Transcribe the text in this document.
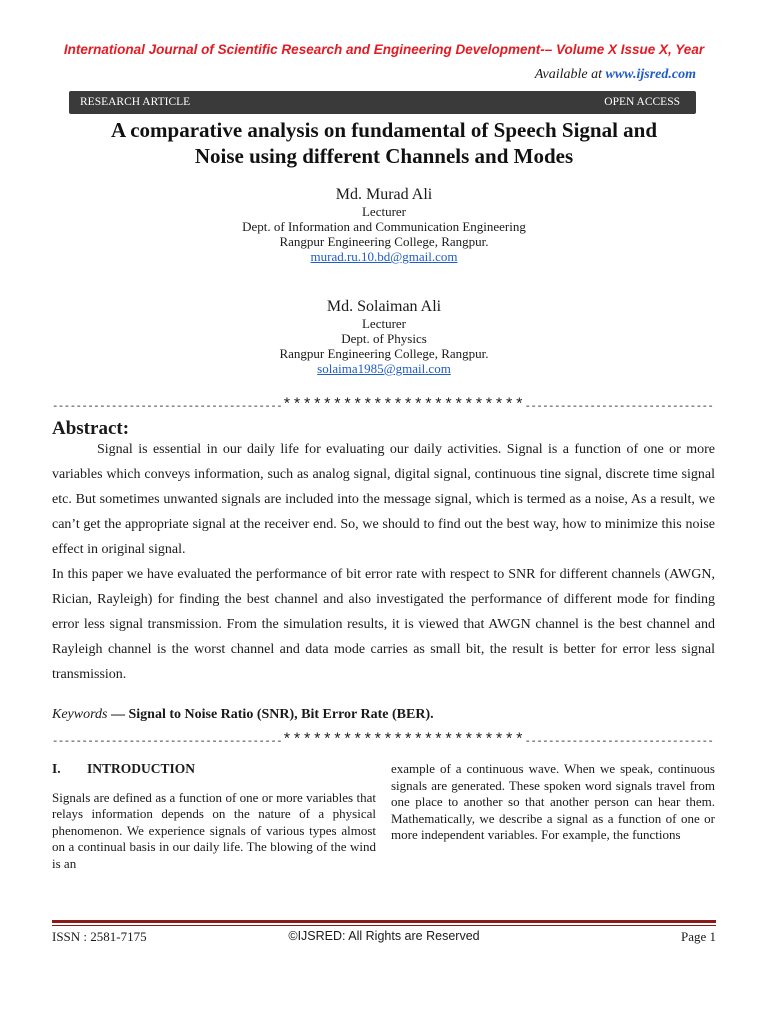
International Journal of Scientific Research and Engineering Development-– Volume X Issue X, Year
Available at www.ijsred.com
RESEARCH ARTICLE	OPEN ACCESS
A comparative analysis on fundamental of Speech Signal and
Noise using different Channels and Modes
Md. Murad Ali
Lecturer
Dept. of Information and Communication Engineering
Rangpur Engineering College, Rangpur.
murad.ru.10.bd@gmail.com
Md. Solaiman Ali
Lecturer
Dept. of Physics
Rangpur Engineering College, Rangpur.
solaima1985@gmail.com
---------------------------------------************************--------------------------------
Abstract:

Signal is essential in our daily life for evaluating our daily activities. Signal is a function of one or more variables which conveys information, such as analog signal, digital signal, continuous tine signal, discrete time signal etc. But sometimes unwanted signals are included into the message signal, which is termed as a noise, As a result, we can’t get the appropriate signal at the receiver end. So, we should to find out the best way, how to minimize this noise effect in original signal.

In this paper we have evaluated the performance of bit error rate with respect to SNR for different channels (AWGN, Rician, Rayleigh) for finding the best channel and also investigated the performance of different mode for finding error less signal transmission. From the simulation results, it is viewed that AWGN channel is the best channel and Rayleigh channel is the worst channel and data mode carries as small bit, the result is better for error less signal transmission.

Keywords — Signal to Noise Ratio (SNR), Bit Error Rate (BER).
---------------------------------------************************--------------------------------
I. INTRODUCTION

Signals are defined as a function of one or more variables that relays information depends on the nature of a physical phenomenon. We experience signals of various types almost on a continual basis in our daily life. The blowing of the wind is an

example of a continuous wave. When we speak, continuous signals are generated. These spoken word signals travel from one place to another so that another person can hear them. Mathematically, we describe a signal as a function of one or more independent variables. For example, the functions

ISSN : 2581-7175	©IJSRED: All Rights are Reserved	Page 1
